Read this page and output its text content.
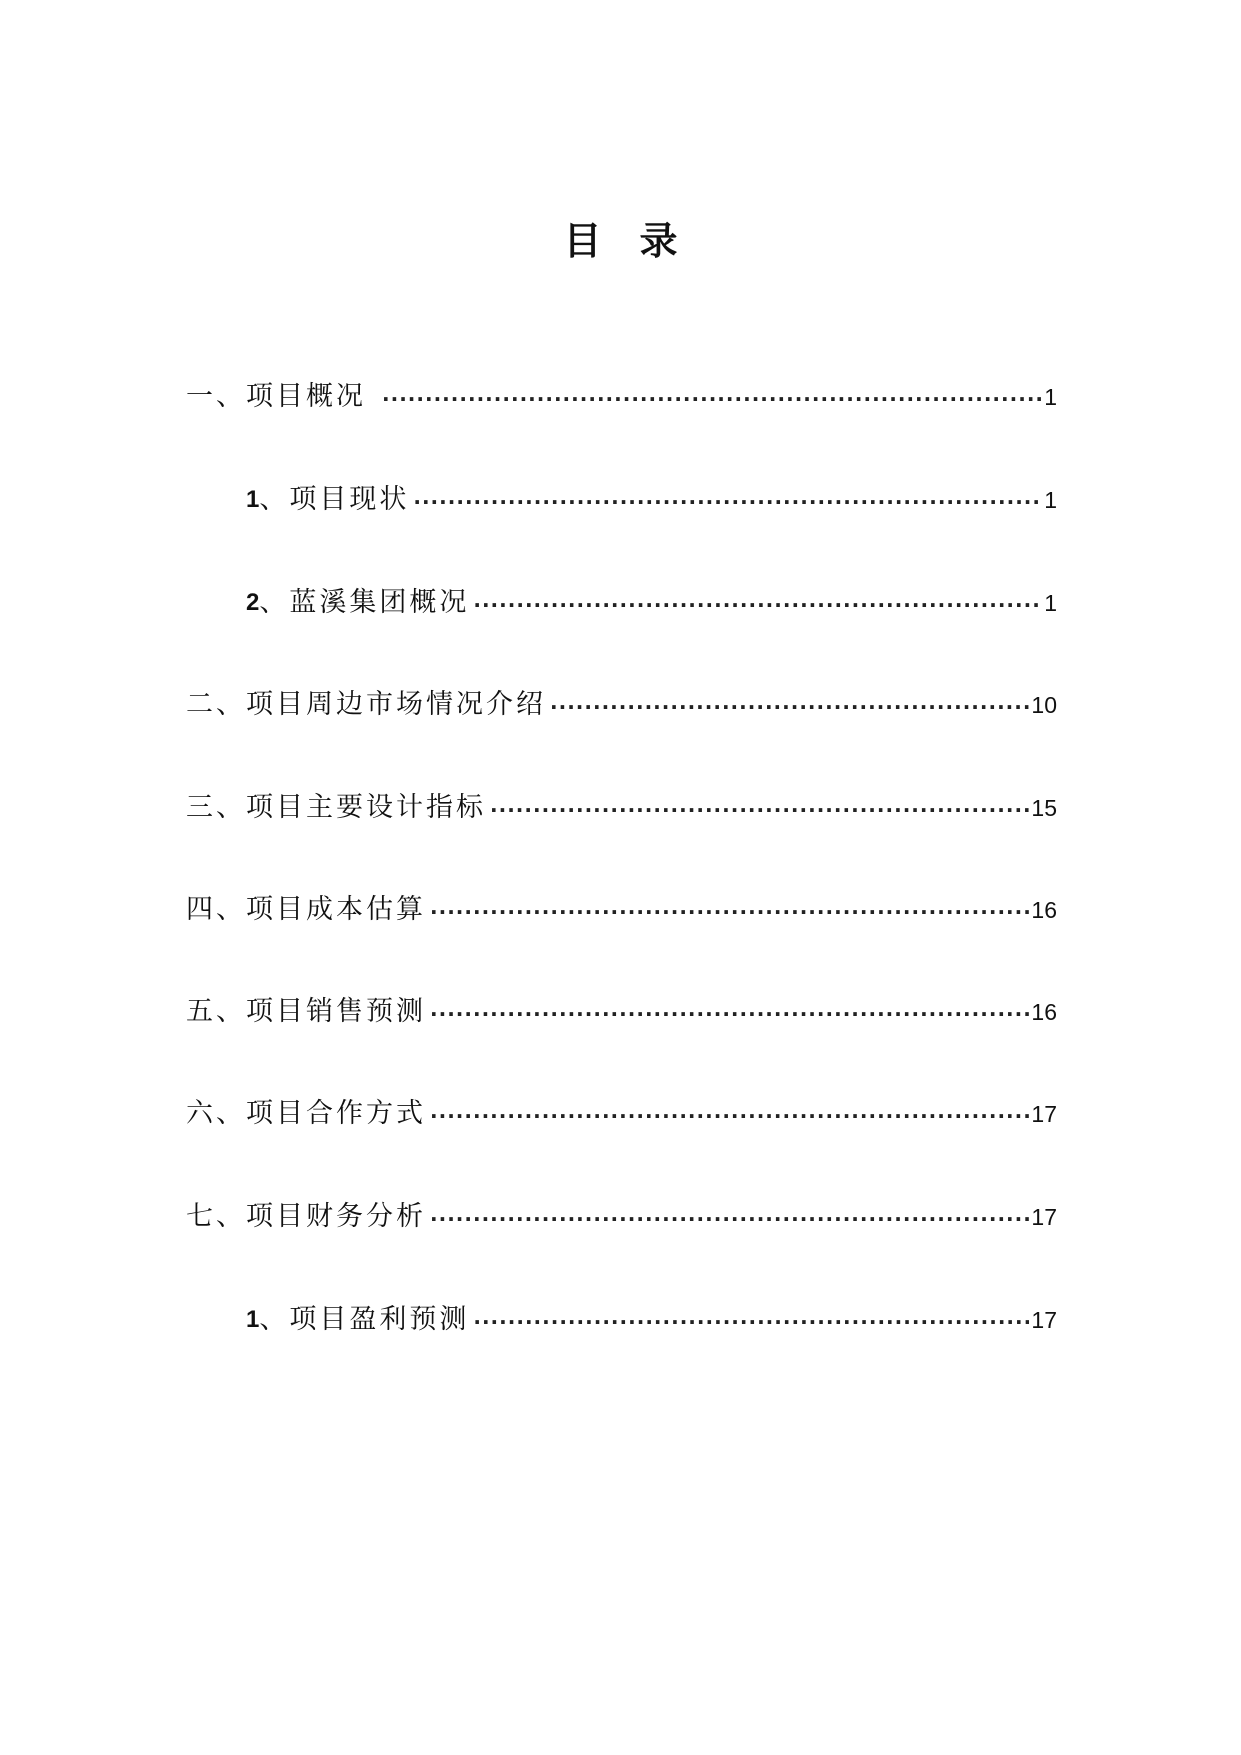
目 录
一、 项目概况 ·····	1
1 、 项目现状 ·····	1
2 、 蓝溪集团概况 ·····	1
二、 项目周边市场情况介绍 ·····	10
三、 项目主要设计指标 ·····	15
四、 项目成本估算 ·····	16
五、 项目销售预测 ·····	16
六、 项目合作方式 ·····	17
七、 项目财务分析 ·····	17
1 、 项目盈利预测 ·····	17
